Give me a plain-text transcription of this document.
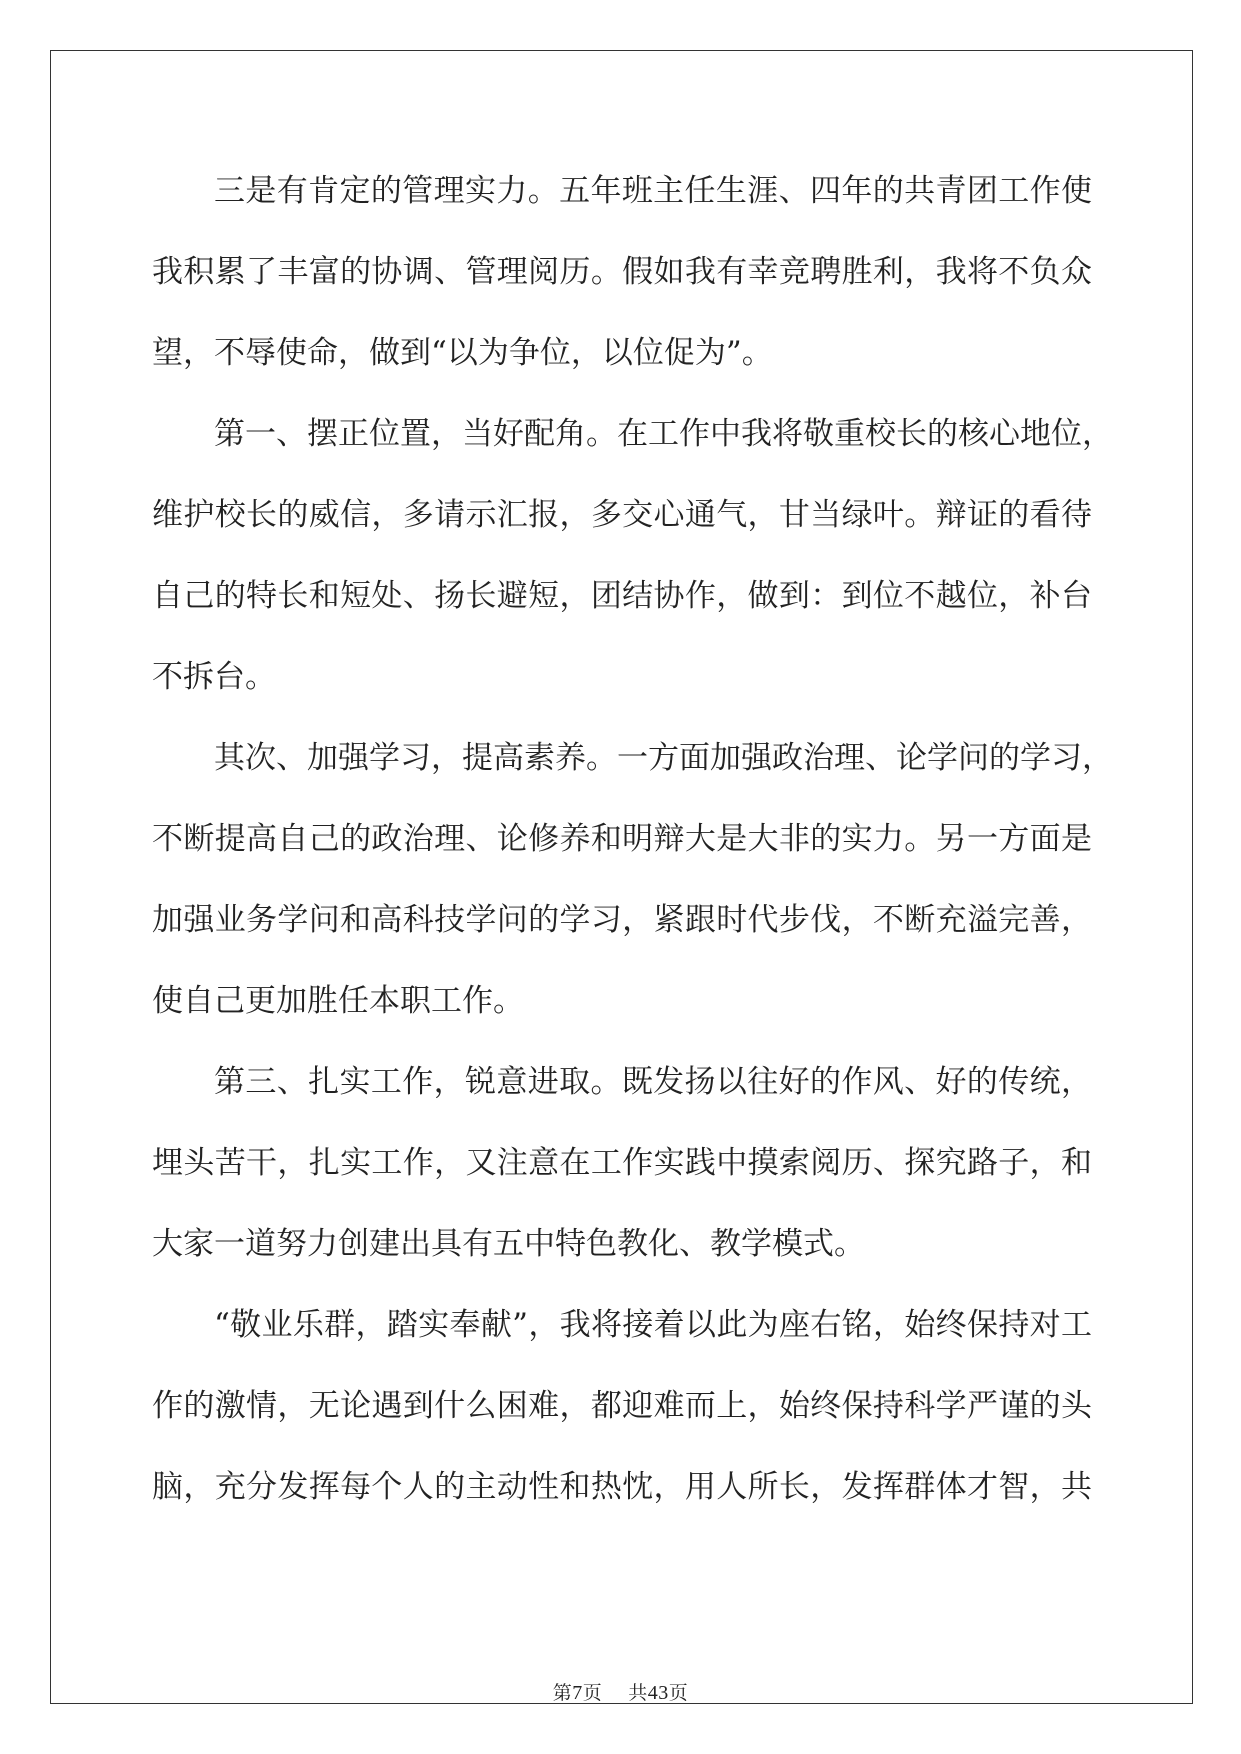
三是有肯定的管理实力。五年班主任生涯、四年的共青团工作使
我积累了丰富的协调、管理阅历。假如我有幸竞聘胜利，我将不负众
望，不辱使命，做到“以为争位，以位促为”。
第一、摆正位置，当好配角。在工作中我将敬重校长的核心地位，
维护校长的威信，多请示汇报，多交心通气，甘当绿叶。辩证的看待
自己的特长和短处、扬长避短，团结协作，做到：到位不越位，补台
不拆台。
其次、加强学习，提高素养。一方面加强政治理、论学问的学习，
不断提高自己的政治理、论修养和明辩大是大非的实力。另一方面是
加强业务学问和高科技学问的学习，紧跟时代步伐，不断充溢完善，
使自己更加胜任本职工作。
第三、扎实工作，锐意进取。既发扬以往好的作风、好的传统，
埋头苦干，扎实工作，又注意在工作实践中摸索阅历、探究路子，和
大家一道努力创建出具有五中特色教化、教学模式。
“敬业乐群，踏实奉献”，我将接着以此为座右铭，始终保持对工
作的激情，无论遇到什么困难，都迎难而上，始终保持科学严谨的头
脑，充分发挥每个人的主动性和热忱，用人所长，发挥群体才智，共
第7页 共43页
